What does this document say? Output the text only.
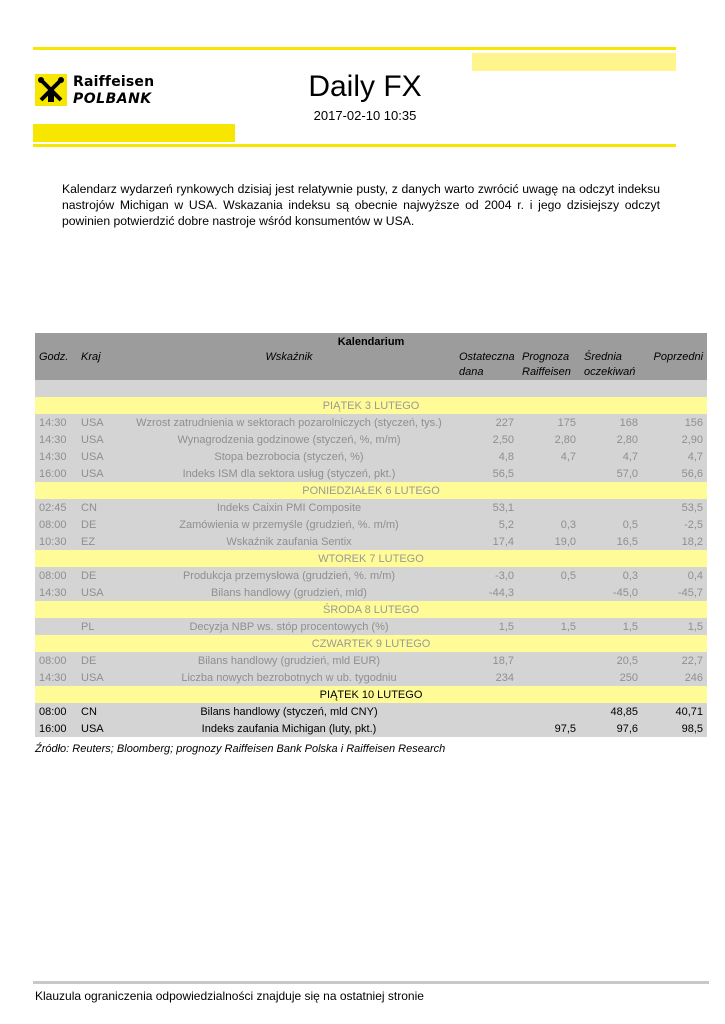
Raiffeisen
POLBANK	Daily FX
2017-02-10 10:35
Kalendarz wydarzeń rynkowych dzisiaj jest relatywnie pusty, z danych warto zwrócić uwagę na odczyt indeksu nastrojów Michigan w USA. Wskazania indeksu są obecnie najwyższe od 2004 r. i jego dzisiejszy odczyt powinien potwierdzić dobre nastroje wśród konsumentów w USA.
Kalendarium						
Godz.	Kraj	Wskaźnik	Ostateczna dana	Prognoza Raiffeisen	Średnia oczekiwań	Poprzedni

PIĄTEK 3 LUTEGO						
14:30	USA	Wzrost zatrudnienia w sektorach pozarolniczych (styczeń, tys.)	227	175	168	156
14:30	USA	Wynagrodzenia godzinowe (styczeń, %, m/m)	2,50	2,80	2,80	2,90
14:30	USA	Stopa bezrobocia (styczeń, %)	4,8	4,7	4,7	4,7
16:00	USA	Indeks ISM dla sektora usług (styczeń, pkt.)	56,5		57,0	56,6
PONIEDZIAŁEK 6 LUTEGO						
02:45	CN	Indeks Caixin PMI Composite	53,1			53,5
08:00	DE	Zamówienia w przemyśle (grudzień, %. m/m)	5,2	0,3	0,5	-2,5
10:30	EZ	Wskaźnik zaufania Sentix	17,4	19,0	16,5	18,2
WTOREK 7 LUTEGO						
08:00	DE	Produkcja przemysłowa (grudzień, %. m/m)	-3,0	0,5	0,3	0,4
14:30	USA	Bilans handlowy (grudzień, mld)	-44,3		-45,0	-45,7
ŚRODA 8 LUTEGO						
	PL	Decyzja NBP ws. stóp procentowych (%)	1,5	1,5	1,5	1,5
CZWARTEK 9 LUTEGO						
08:00	DE	Bilans handlowy (grudzień, mld EUR)	18,7		20,5	22,7
14:30	USA	Liczba nowych bezrobotnych w ub. tygodniu	234		250	246
PIĄTEK 10 LUTEGO						
08:00	CN	Bilans handlowy (styczeń, mld CNY)			48,85	40,71
16:00	USA	Indeks zaufania Michigan (luty, pkt.)		97,5	97,6	98,5
Źródło: Reuters; Bloomberg; prognozy Raiffeisen Bank Polska i Raiffeisen Research
Klauzula ograniczenia odpowiedzialności znajduje się na ostatniej stronie
